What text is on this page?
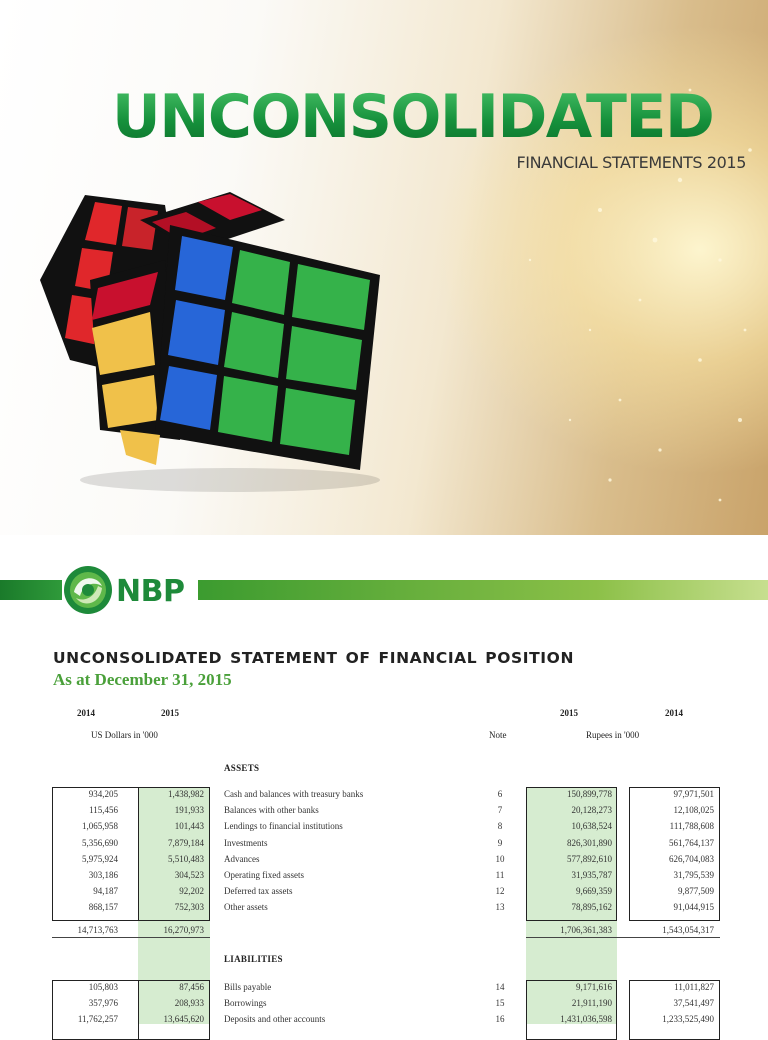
UNCONSOLIDATED
FINANCIAL STATEMENTS 2015
NBP
UNCONSOLIDATED STATEMENT OF FINANCIAL POSITION
As at December 31, 2015
2014	2015	2015	2014
US Dollars in '000	Note	Rupees in '000
ASSETS
934,205	1,438,982 Cash and balances with treasury banks	6	150,899,778	97,971,501
115,456	191,933 Balances with other banks	7	20,128,273	12,108,025
1,065,958	101,443 Lendings to financial institutions	8	10,638,524	111,788,608
5,356,690	7,879,184 Investments	9	826,301,890	561,764,137
5,975,924	5,510,483 Advances	10	577,892,610	626,704,083
303,186	304,523 Operating fixed assets	11	31,935,787	31,795,539
94,187	92,202 Deferred tax assets	12	9,669,359	9,877,509
868,157	752,303 Other assets	13	78,895,162	91,044,915
14,713,763	16,270,973	1,706,361,383	1,543,054,317
LIABILITIES
105,803	87,456 Bills payable	14	9,171,616	11,011,827
357,976	208,933 Borrowings	15	21,911,190	37,541,497
11,762,257	13,645,620 Deposits and other accounts	16	1,431,036,598	1,233,525,490
